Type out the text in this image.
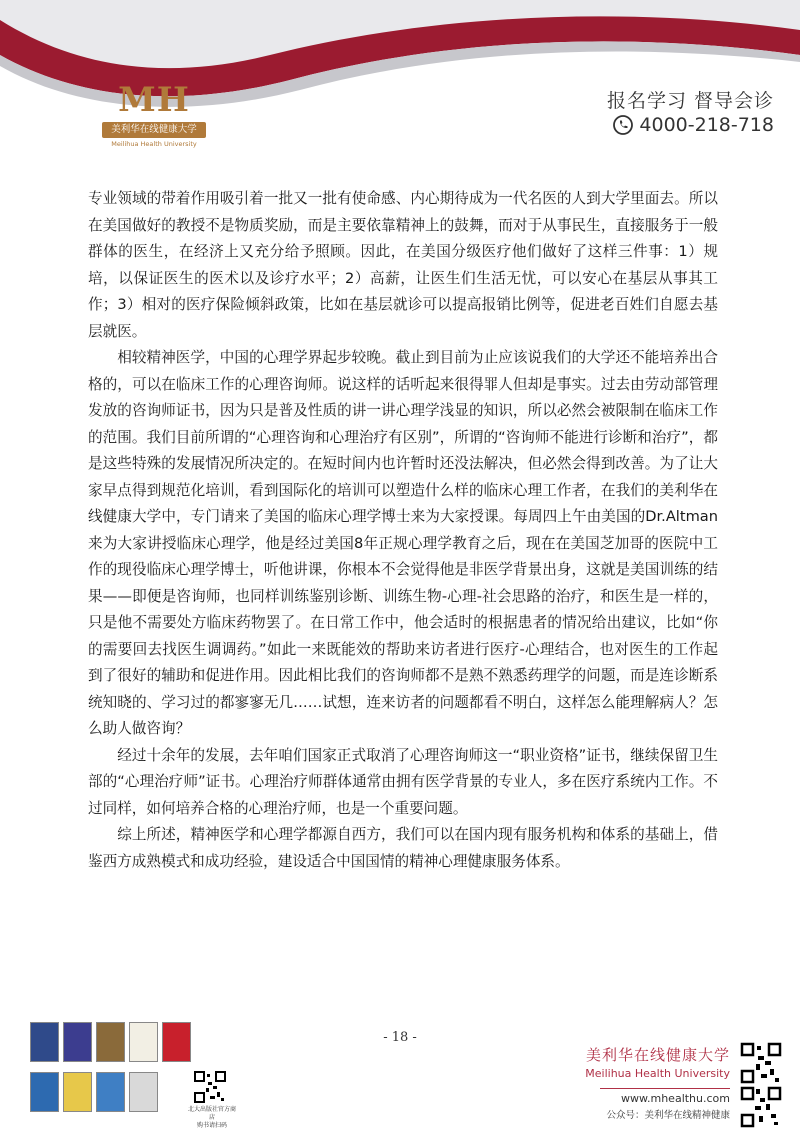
MH
美利华在线健康大学
Meilihua Health University
报名学习 督导会诊
4000-218-718

专业领域的带着作用吸引着一批又一批有使命感、内心期待成为一代名医的人到大学里面去。所以在美国做好的教授不是物质奖励，而是主要依靠精神上的鼓舞，而对于从事民生，直接服务于一般群体的医生，在经济上又充分给予照顾。因此，在美国分级医疗他们做好了这样三件事：1）规培，以保证医生的医术以及诊疗水平；2）高薪，让医生们生活无忧，可以安心在基层从事其工作；3）相对的医疗保险倾斜政策，比如在基层就诊可以提高报销比例等，促进老百姓们自愿去基层就医。

相较精神医学，中国的心理学界起步较晚。截止到目前为止应该说我们的大学还不能培养出合格的，可以在临床工作的心理咨询师。说这样的话听起来很得罪人但却是事实。过去由劳动部管理发放的咨询师证书，因为只是普及性质的讲一讲心理学浅显的知识，所以必然会被限制在临床工作的范围。我们目前所谓的“心理咨询和心理治疗有区别”，所谓的“咨询师不能进行诊断和治疗”，都是这些特殊的发展情况所决定的。在短时间内也许暂时还没法解决，但必然会得到改善。为了让大家早点得到规范化培训，看到国际化的培训可以塑造什么样的临床心理工作者，在我们的美利华在线健康大学中，专门请来了美国的临床心理学博士来为大家授课。每周四上午由美国的Dr.Altman来为大家讲授临床心理学，他是经过美国8年正规心理学教育之后，现在在美国芝加哥的医院中工作的现役临床心理学博士，听他讲课，你根本不会觉得他是非医学背景出身，这就是美国训练的结果——即便是咨询师，也同样训练鉴别诊断、训练生物-心理-社会思路的治疗，和医生是一样的，只是他不需要处方临床药物罢了。在日常工作中，他会适时的根据患者的情况给出建议，比如“你的需要回去找医生调调药。”如此一来既能效的帮助来访者进行医疗-心理结合，也对医生的工作起到了很好的辅助和促进作用。因此相比我们的咨询师都不是熟不熟悉药理学的问题，而是连诊断系统知晓的、学习过的都寥寥无几……试想，连来访者的问题都看不明白，这样怎么能理解病人？怎么助人做咨询？

经过十余年的发展，去年咱们国家正式取消了心理咨询师这一“职业资格”证书，继续保留卫生部的“心理治疗师”证书。心理治疗师群体通常由拥有医学背景的专业人，多在医疗系统内工作。不过同样，如何培养合格的心理治疗师，也是一个重要问题。

综上所述，精神医学和心理学都源自西方，我们可以在国内现有服务机构和体系的基础上，借鉴西方成熟模式和成功经验，建设适合中国国情的精神心理健康服务体系。

- 18 -
北大出版社官方商店
购书请扫码
美利华在线健康大学
Meilihua Health University
www.mhealthu.com
公众号：美利华在线精神健康
